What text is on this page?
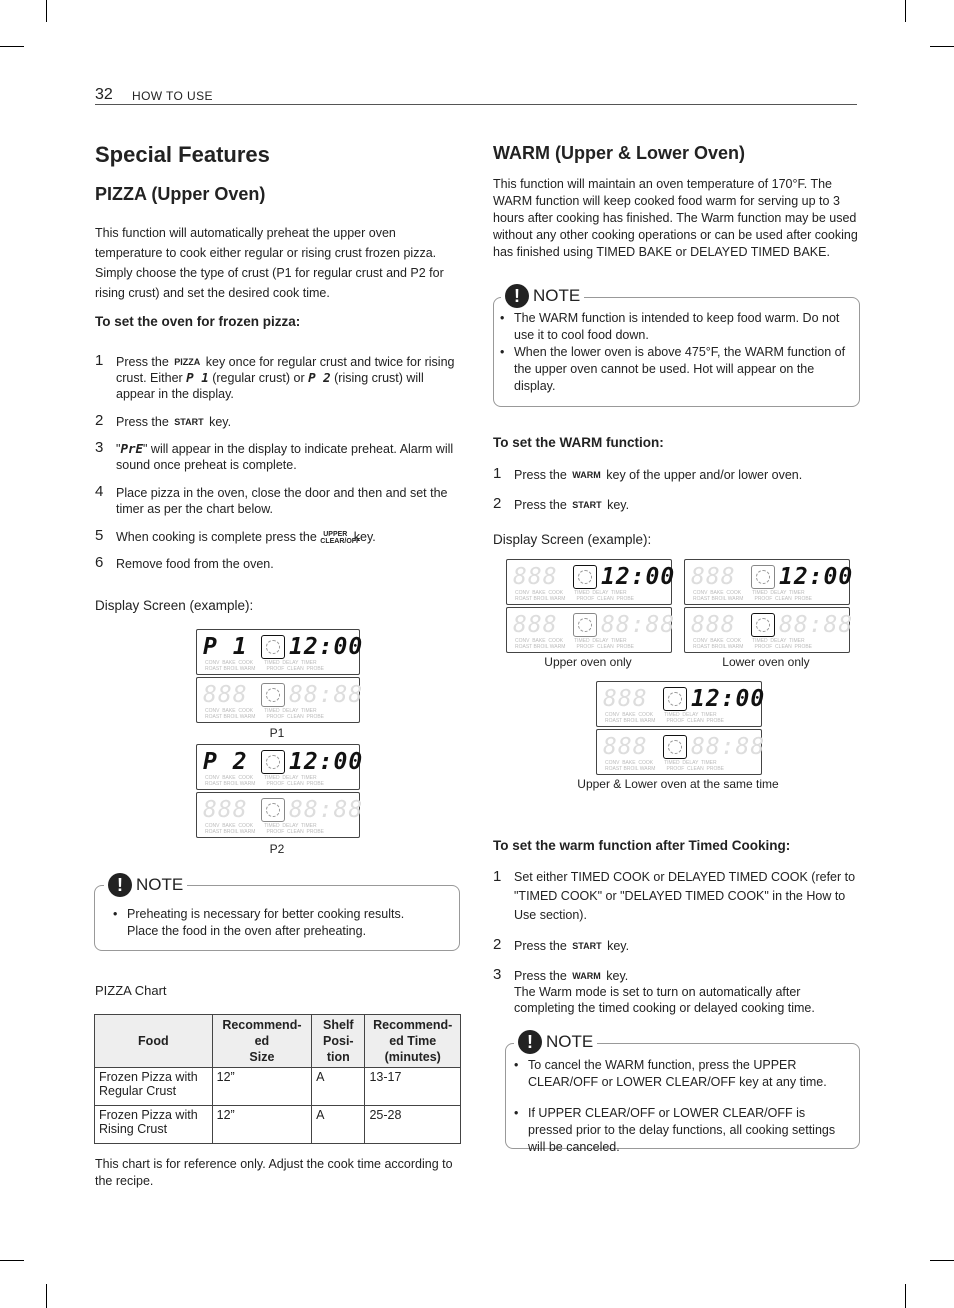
32 HOW TO USE
Special Features
PIZZA (Upper Oven)

This function will automatically preheat the upper oven temperature to cook either regular or rising crust frozen pizza. Simply choose the type of crust (P1 for regular crust and P2 for rising crust) and set the desired cook time.

To set the oven for frozen pizza:
1 Press the PIZZA key once for regular crust and twice for rising crust. Either P 1 (regular crust) or P 2 (rising crust) will appear in the display.
2 Press the START key.
3 "PrE" will appear in the display to indicate preheat. Alarm will sound once preheat is complete.
4 Place pizza in the oven, close the door and then and set the timer as per the chart below.
5 When cooking is complete press the UPPER CLEAR/OFF key.
6 Remove food from the oven.
Display Screen (example):
P 1 12:00
CONV  BAKE  COOK        TIMED  DELAY  TIMER
ROAST BROIL WARM        PROOF  CLEAN  PROBE
888 88:88
CONV  BAKE  COOK        TIMED  DELAY  TIMER
ROAST BROIL WARM        PROOF  CLEAN  PROBE
P1
P 2 12:00
CONV  BAKE  COOK        TIMED  DELAY  TIMER
ROAST BROIL WARM        PROOF  CLEAN  PROBE
888 88:88
CONV  BAKE  COOK        TIMED  DELAY  TIMER
ROAST BROIL WARM        PROOF  CLEAN  PROBE
P2
! NOTE
• Preheating is necessary for better cooking results. Place the food in the oven after preheating.
PIZZA Chart
Food	Recommend-
ed
Size	Shelf
Posi-
tion	Recommend-
ed Time
(minutes)
Frozen Pizza with Regular Crust	12”	A	13-17
Frozen Pizza with Rising Crust	12”	A	25-28

This chart is for reference only. Adjust the cook time according to the recipe.

WARM (Upper & Lower Oven)

This function will maintain an oven temperature of 170°F. The WARM function will keep cooked food warm for serving up to 3 hours after cooking has finished. The Warm function may be used without any other cooking operations or can be used after cooking has finished using TIMED BAKE or DELAYED TIMED BAKE.

! NOTE
• The WARM function is intended to keep food warm. Do not use it to cool food down.
• When the lower oven is above 475°F, the WARM function of the upper oven cannot be used. Hot will appear on the display.
To set the WARM function:
1 Press the WARM key of the upper and/or lower oven.
2 Press the START key.
Display Screen (example):
888 12:00
CONV  BAKE  COOK        TIMED  DELAY  TIMER
ROAST BROIL WARM        PROOF  CLEAN  PROBE
888 88:88
CONV  BAKE  COOK        TIMED  DELAY  TIMER
ROAST BROIL WARM        PROOF  CLEAN  PROBE
Upper oven only
888 12:00
CONV  BAKE  COOK        TIMED  DELAY  TIMER
ROAST BROIL WARM        PROOF  CLEAN  PROBE
888 88:88
CONV  BAKE  COOK        TIMED  DELAY  TIMER
ROAST BROIL WARM        PROOF  CLEAN  PROBE
Lower oven only
888 12:00
CONV  BAKE  COOK        TIMED  DELAY  TIMER
ROAST BROIL WARM        PROOF  CLEAN  PROBE
888 88:88
CONV  BAKE  COOK        TIMED  DELAY  TIMER
ROAST BROIL WARM        PROOF  CLEAN  PROBE
Upper & Lower oven at the same time
To set the warm function after Timed Cooking:
1 Set either TIMED COOK or DELAYED TIMED COOK (refer to "TIMED COOK" or "DELAYED TIMED COOK" in the How to Use section).
2 Press the START key.
3 Press the WARM key.
The Warm mode is set to turn on automatically after completing the timed cooking or delayed cooking time.
! NOTE
• To cancel the WARM function, press the UPPER CLEAR/OFF or LOWER CLEAR/OFF key at any time.
• If UPPER CLEAR/OFF or LOWER CLEAR/OFF is pressed prior to the delay functions, all cooking settings will be canceled.
